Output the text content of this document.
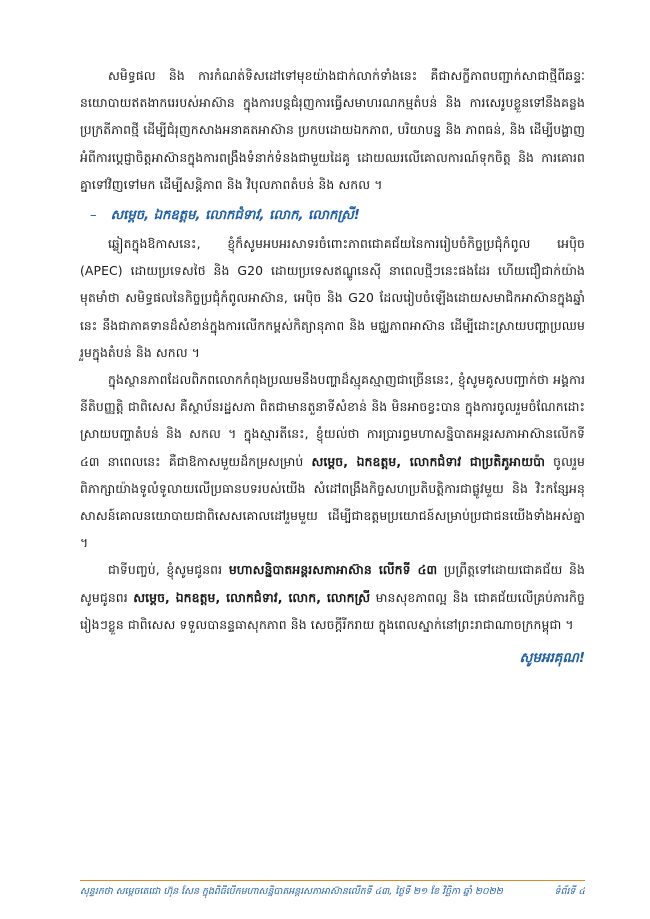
សមិទ្ធផល និង ការកំណត់ទិសដៅទៅមុខយ៉ាងជាក់លាក់ទាំងនេះ គឺជាសក្ខីភាពបញ្ជាក់សាជាថ្មីពីឆន្ទៈនយោបាយឥតងាករេរបស់អាស៊ាន ក្នុងការបន្តជំរុញការធ្វើសមាហរណកម្មតំបន់ និង ការសេរូបខ្លួនទៅនឹងគន្លងប្រក្រតីភាពថ្មី ដើម្បីជំរុញកសាងអនាគតអាស៊ាន ប្រកបដោយឯកភាព, បរិយាបន្ន និង ភាពធន់, និង ដើម្បីបង្ហាញអំពីការប្តេជ្ញាចិត្តអាស៊ានក្នុងការពង្រឹងទំនាក់ទំនងជាមួយដៃគូ ដោយឈរលើគោលការណ៍ទុកចិត្ត និង ការគោរពគ្នាទៅវិញទៅមក ដើម្បីសន្តិភាព និង វិបុលភាពតំបន់ និង សកល ។

– សម្ដេច, ឯកឧត្តម, លោកជំទាវ, លោក, លោកស្រី!

ឆ្លៀតក្នុងឱកាសនេះ, ខ្ញុំក៏សូមអបអរសាទរចំពោះភាពជោគជ័យនៃការរៀបចំកិច្ចប្រជុំកំពូល អេប៉ិច (APEC) ដោយប្រទេសថៃ និង G20 ដោយប្រទេសឥណ្ឌូនេស៊ី នាពេលថ្មីៗនេះផងដែរ ហើយជឿជាក់យ៉ាងមុតមាំថា សមិទ្ធផលនៃកិច្ចប្រជុំកំពូលអាស៊ាន, អេប៉ិច និង G20 ដែលរៀបចំឡើងដោយសមាជិកអាស៊ានក្នុងឆ្នាំនេះ នឹងជាភាគទានដ៏សំខាន់ក្នុងការលើកកម្ពស់កិត្យានុភាព និង មជ្ឈភាពអាស៊ាន ដើម្បីដោះស្រាយបញ្ហាប្រឈមរួមក្នុងតំបន់ និង សកល ។

ក្នុងស្ថានភាពដែលពិភពលោកកំពុងប្រឈមនឹងបញ្ហាដ៏ស្មុគស្មាញជាច្រើននេះ, ខ្ញុំសូមគូសបញ្ជាក់ថា អង្គការនីតិបញ្ញត្តិ ជាពិសេស គឺស្ថាប័នរដ្ឋសភា ពិតជាមានតួនាទីសំខាន់ និង មិនអាចខ្វះបាន ក្នុងការចូលរួមចំណែកដោះស្រាយបញ្ហាតំបន់ និង សកល ។ ក្នុងស្មារតីនេះ, ខ្ញុំយល់ថា ការប្រារព្ធមហាសន្និបាតអន្តរសភាអាស៊ានលើកទី ៤៣ នាពេលនេះ គឺជាឱកាសមួយដ៏កម្រសម្រាប់ សម្ដេច, ឯកឧត្តម, លោកជំទាវ ជាប្រតិភូអាយប៉ា ចូលរួមពិភាក្សាយ៉ាងទូលំទូលាយលើប្រធានបទរបស់យើង សំដៅពង្រឹងកិច្ចសហប្រតិបត្តិការជាផ្លូវមួយ និង វិះកន្សែអនុសាសន៍គោលនយោបាយជាពិសេសគោលដៅរួមមួយ ដើម្បីជាឧត្តមប្រយោជន៍សម្រាប់ប្រជាជនយើងទាំងអស់គ្នា ។

ជាទីបញ្ចប់, ខ្ញុំសូមជូនពរ មហាសន្និបាតអន្តរសភាអាស៊ាន លើកទី ៤៣ ប្រព្រឹត្តទៅដោយជោគជ័យ និង សូមជូនពរ សម្ដេច, ឯកឧត្តម, លោកជំទាវ, លោក, លោកស្រី មានសុខភាពល្អ និង ជោគជ័យលើគ្រប់ភារកិច្ចរៀងៗខ្លួន ជាពិសេស ទទួលបានន្ទធាសុកភាព និង សេចក្ដីរីករាយ ក្នុងពេលស្នាក់នៅព្រះរាជាណាចក្រកម្ពុជា ។

សូមអរគុណ!
សុន្ទរកថា សម្តេចតេជោ ហ៊ុន សែន ក្នុងពិធីបើកមហាសន្និបាតអន្តរសភាអាស៊ានលើកទី ៤៣, ថ្ងៃទី ២១ ខែ វិច្ឆិកា ឆ្នាំ ២០២២	ទំព័រទី ៤
